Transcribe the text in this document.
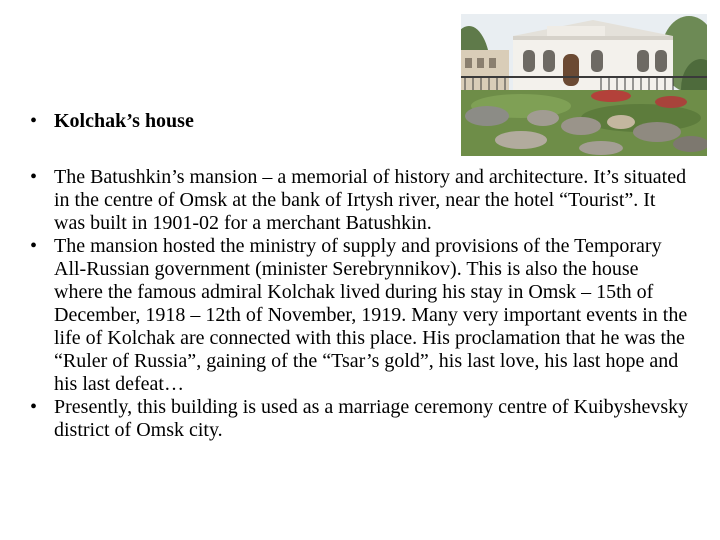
• Kolchak’s house
• The Batushkin’s mansion – a memorial of history and architecture. It’s situated in the centre of Omsk at the bank of Irtysh river, near the hotel “Tourist”. It was built in 1901-02 for a merchant Batushkin.
• The mansion hosted the ministry of supply and provisions of the Temporary All-Russian government (minister Serebrynnikov). This is also the house where the famous admiral Kolchak lived during his stay in Omsk – 15th of December, 1918 – 12th of November, 1919. Many very important events in the life of Kolchak are connected with this place. His proclamation that he was the “Ruler of Russia”, gaining of the “Tsar’s gold”, his last love, his last hope and his last defeat…
• Presently, this building is used as a marriage ceremony centre of Kuibyshevsky district of Omsk city.
